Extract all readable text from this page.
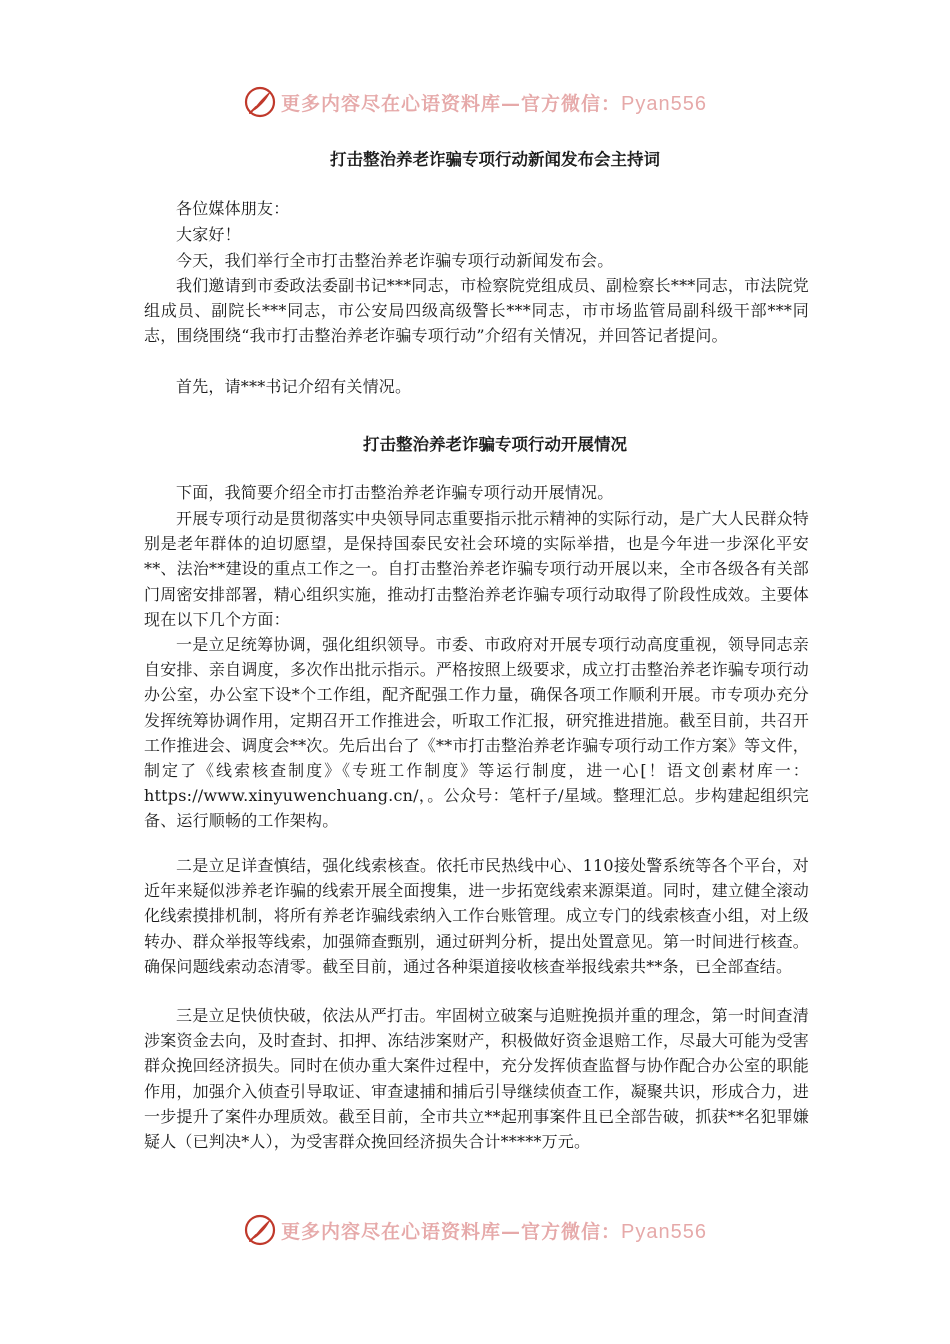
更多内容尽在心语资料库—官方微信：Pyan556
打击整治养老诈骗专项行动新闻发布会主持词

各位媒体朋友：

大家好！

今天，我们举行全市打击整治养老诈骗专项行动新闻发布会。

我们邀请到市委政法委副书记***同志，市检察院党组成员、副检察长***同志，市法院党组成员、副院长***同志，市公安局四级高级警长***同志，市市场监管局副科级干部***同志，围绕围绕“我市打击整治养老诈骗专项行动”介绍有关情况，并回答记者提问。

首先，请***书记介绍有关情况。

打击整治养老诈骗专项行动开展情况

下面，我简要介绍全市打击整治养老诈骗专项行动开展情况。

开展专项行动是贯彻落实中央领导同志重要指示批示精神的实际行动，是广大人民群众特别是老年群体的迫切愿望，是保持国泰民安社会环境的实际举措，也是今年进一步深化平安**、法治**建设的重点工作之一。自打击整治养老诈骗专项行动开展以来，全市各级各有关部门周密安排部署，精心组织实施，推动打击整治养老诈骗专项行动取得了阶段性成效。主要体现在以下几个方面：

一是立足统筹协调，强化组织领导。市委、市政府对开展专项行动高度重视，领导同志亲自安排、亲自调度，多次作出批示指示。严格按照上级要求，成立打击整治养老诈骗专项行动办公室，办公室下设*个工作组，配齐配强工作力量，确保各项工作顺利开展。市专项办充分发挥统筹协调作用，定期召开工作推进会，听取工作汇报，研究推进措施。截至目前，共召开工作推进会、调度会**次。先后出台了《**市打击整治养老诈骗专项行动工作方案》等文件，制定了《线索核查制度》《专班工作制度》等运行制度，进一心[！语文创素材库一：https://www.xinyuwenchuang.cn/，。公众号：笔杆子/星域。整理汇总。步构建起组织完备、运行顺畅的工作架构。

二是立足详查慎结，强化线索核查。依托市民热线中心、110接处警系统等各个平台，对近年来疑似涉养老诈骗的线索开展全面搜集，进一步拓宽线索来源渠道。同时，建立健全滚动化线索摸排机制，将所有养老诈骗线索纳入工作台账管理。成立专门的线索核查小组，对上级转办、群众举报等线索，加强筛查甄别，通过研判分析，提出处置意见。第一时间进行核查。确保问题线索动态清零。截至目前，通过各种渠道接收核查举报线索共**条，已全部查结。

三是立足快侦快破，依法从严打击。牢固树立破案与追赃挽损并重的理念，第一时间查清涉案资金去向，及时查封、扣押、冻结涉案财产，积极做好资金退赔工作，尽最大可能为受害群众挽回经济损失。同时在侦办重大案件过程中，充分发挥侦查监督与协作配合办公室的职能作用，加强介入侦查引导取证、审查逮捕和捕后引导继续侦查工作，凝聚共识，形成合力，进一步提升了案件办理质效。截至目前，全市共立**起刑事案件且已全部告破，抓获**名犯罪嫌疑人（已判决*人），为受害群众挽回经济损失合计*****万元。

更多内容尽在心语资料库—官方微信：Pyan556
